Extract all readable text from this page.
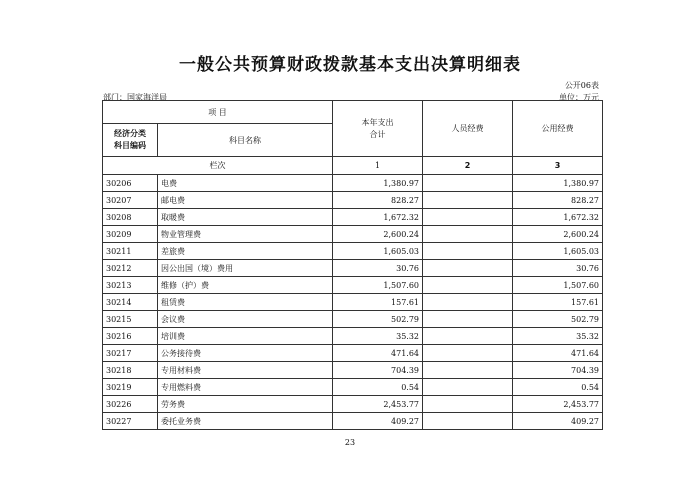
一般公共预算财政拨款基本支出决算明细表
公开06表
部门：国家海洋局	单位：万元
项 目		本年支出
合计	人员经费	公用经费

经济分类
科目编码	科目名称			
栏次		1	2	3
30206	电费	1,380.97		1,380.97
30207	邮电费	828.27		828.27
30208	取暖费	1,672.32		1,672.32
30209	物业管理费	2,600.24		2,600.24
30211	差旅费	1,605.03		1,605.03
30212	因公出国（境）费用	30.76		30.76
30213	维修（护）费	1,507.60		1,507.60
30214	租赁费	157.61		157.61
30215	会议费	502.79		502.79
30216	培训费	35.32		35.32
30217	公务接待费	471.64		471.64
30218	专用材料费	704.39		704.39
30219	专用燃料费	0.54		0.54
30226	劳务费	2,453.77		2,453.77
30227	委托业务费	409.27		409.27
23
